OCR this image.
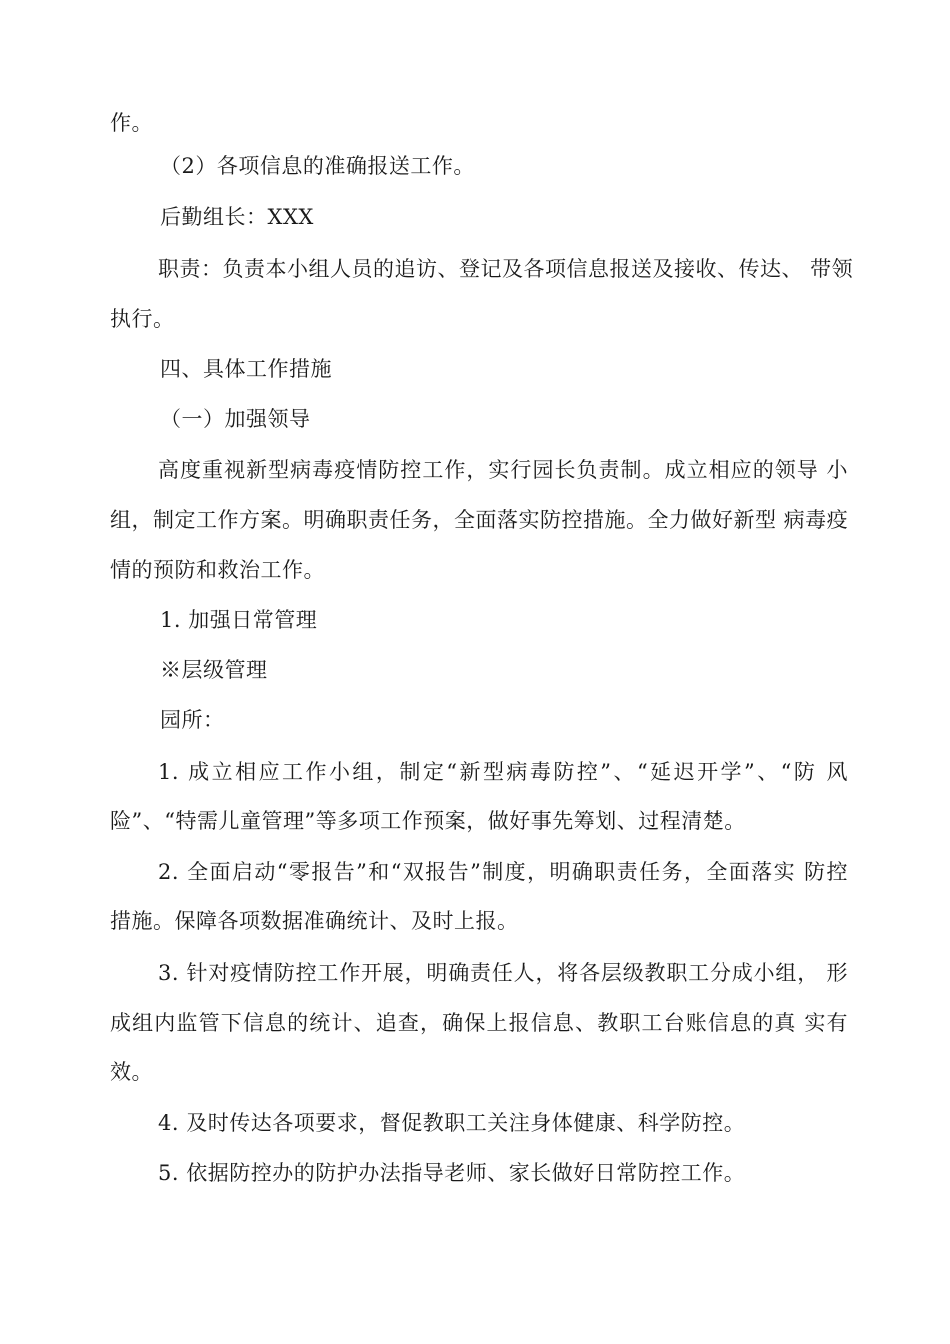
作。
（2）各项信息的准确报送工作。
后勤组长：XXX
职责：负责本小组人员的追访、登记及各项信息报送及接收、传达、 带领
执行。
四、具体工作措施
（一）加强领导
高度重视新型病毒疫情防控工作，实行园长负责制。成立相应的领导 小
组，制定工作方案。明确职责任务，全面落实防控措施。全力做好新型 病毒疫
情的预防和救治工作。
1. 加强日常管理
※层级管理
园所：
1. 成立相应工作小组，制定“新型病毒防控”、“延迟开学”、“防 风
险”、“特需儿童管理”等多项工作预案，做好事先筹划、过程清楚。
2. 全面启动“零报告”和“双报告”制度，明确职责任务，全面落实 防控
措施。保障各项数据准确统计、及时上报。
3. 针对疫情防控工作开展，明确责任人，将各层级教职工分成小组， 形
成组内监管下信息的统计、追查，确保上报信息、教职工台账信息的真 实有
效。
4. 及时传达各项要求，督促教职工关注身体健康、科学防控。
5. 依据防控办的防护办法指导老师、家长做好日常防控工作。
